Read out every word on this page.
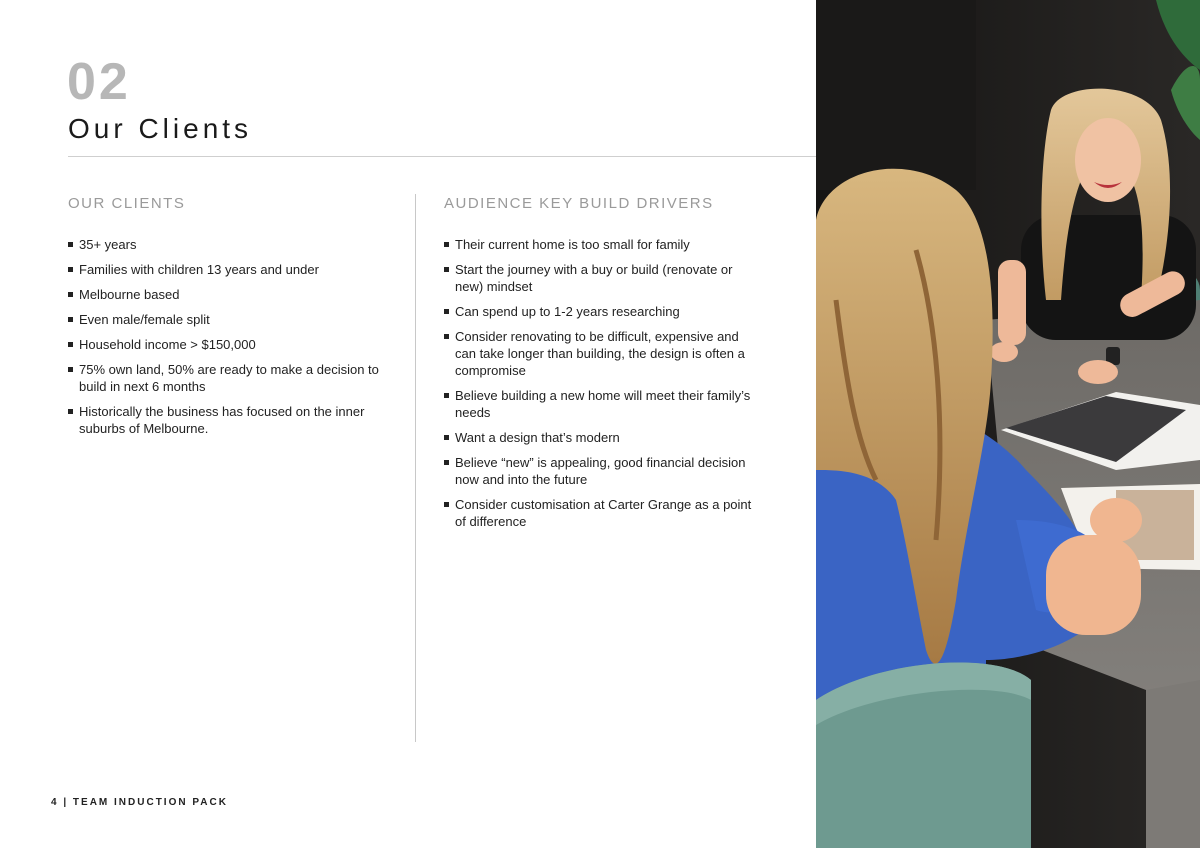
02
Our Clients
OUR CLIENTS
35+ years
Families with children 13 years and under
Melbourne based
Even male/female split
Household income > $150,000
75% own land, 50% are ready to make a decision to build in next 6 months
Historically the business has focused on the inner suburbs of Melbourne.
AUDIENCE KEY BUILD DRIVERS
Their current home is too small for family
Start the journey with a buy or build (renovate or new) mindset
Can spend up to 1-2 years researching
Consider renovating to be difficult, expensive and can take longer than building, the design is often a compromise
Believe building a new home will meet their family’s needs
Want a design that’s modern
Believe “new” is appealing, good financial decision now and into the future
Consider customisation at Carter Grange as a point of difference
4 | TEAM INDUCTION PACK
